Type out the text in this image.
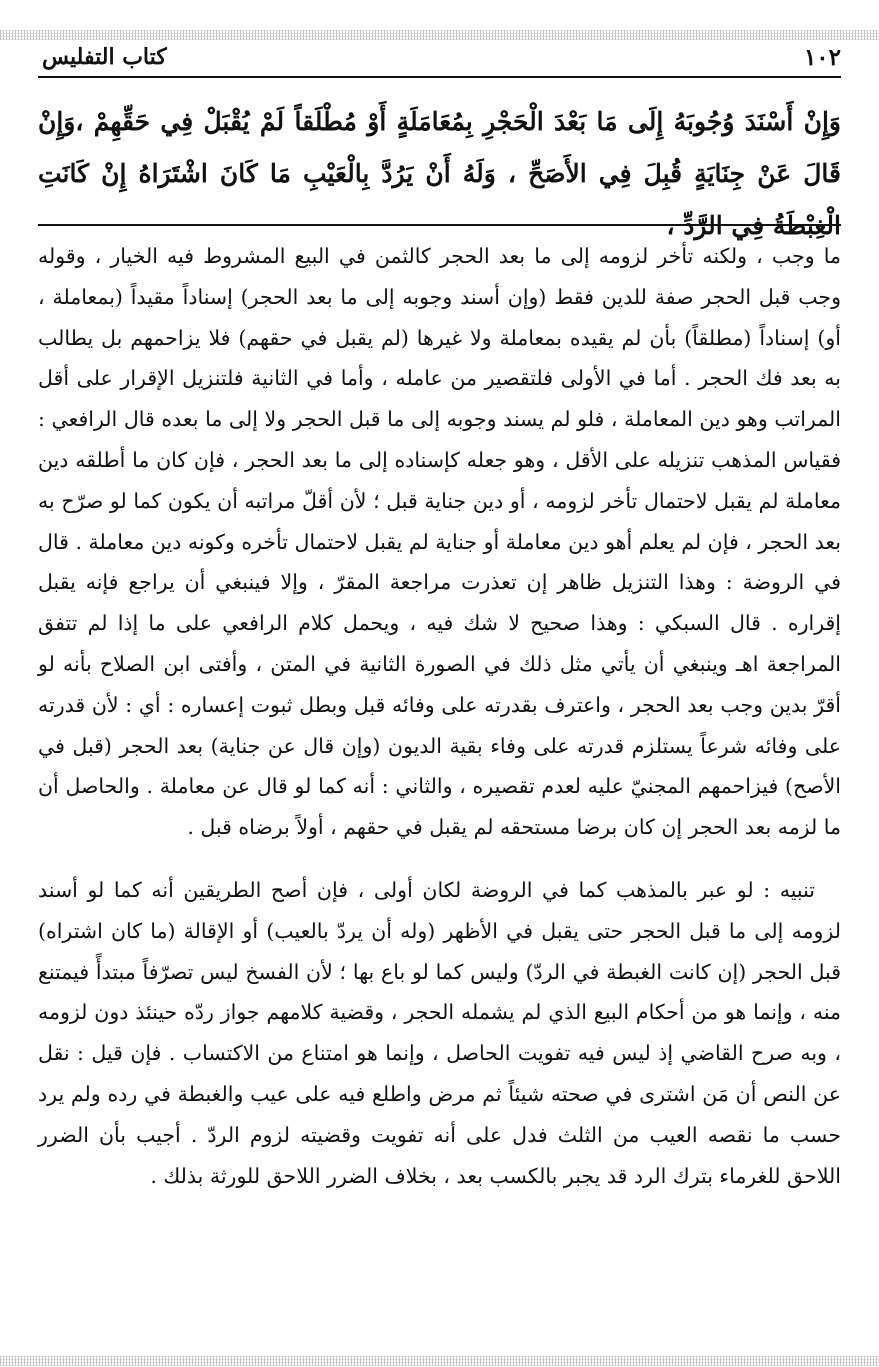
١٠٢
كتاب التفليس
وَإِنْ أَسْنَدَ وُجُوبَهُ إِلَى مَا بَعْدَ الْحَجْرِ بِمُعَامَلَةٍ أَوْ مُطْلَقاً لَمْ يُقْبَلْ فِي حَقِّهِمْ ،وَإِنْ قَالَ عَنْ جِنَايَةٍ قُبِلَ فِي الأَصَحِّ ، وَلَهُ أَنْ يَرُدَّ بِالْعَيْبِ مَا كَانَ اشْتَرَاهُ إِنْ كَانَتِ الْغِبْطَةُ فِي الرَّدِّ ،

ما وجب ، ولكنه تأخر لزومه إلى ما بعد الحجر كالثمن في البيع المشروط فيه الخيار ، وقوله وجب قبل الحجر صفة للدين فقط (وإن أسند وجوبه إلى ما بعد الحجر) إسناداً مقيداً (بمعاملة ، أو) إسناداً (مطلقاً) بأن لم يقيده بمعاملة ولا غيرها (لم يقبل في حقهم) فلا يزاحمهم بل يطالب به بعد فك الحجر . أما في الأولى فلتقصير من عامله ، وأما في الثانية فلتنزيل الإقرار على أقل المراتب وهو دين المعاملة ، فلو لم يسند وجوبه إلى ما قبل الحجر ولا إلى ما بعده قال الرافعي : فقياس المذهب تنزيله على الأقل ، وهو جعله كإسناده إلى ما بعد الحجر ، فإن كان ما أطلقه دين معاملة لم يقبل لاحتمال تأخر لزومه ، أو دين جناية قبل ؛ لأن أقلّ مراتبه أن يكون كما لو صرّح به بعد الحجر ، فإن لم يعلم أهو دين معاملة أو جناية لم يقبل لاحتمال تأخره وكونه دين معاملة . قال في الروضة : وهذا التنزيل ظاهر إن تعذرت مراجعة المقرّ ، وإلا فينبغي أن يراجع فإنه يقبل إقراره . قال السبكي : وهذا صحيح لا شك فيه ، ويحمل كلام الرافعي على ما إذا لم تتفق المراجعة اهـ وينبغي أن يأتي مثل ذلك في الصورة الثانية في المتن ، وأفتى ابن الصلاح بأنه لو أقرّ بدين وجب بعد الحجر ، واعترف بقدرته على وفائه قبل وبطل ثبوت إعساره : أي : لأن قدرته على وفائه شرعاً يستلزم قدرته على وفاء بقية الديون (وإن قال عن جناية) بعد الحجر (قبل في الأصح) فيزاحمهم المجنيّ عليه لعدم تقصيره ، والثاني : أنه كما لو قال عن معاملة . والحاصل أن ما لزمه بعد الحجر إن كان برضا مستحقه لم يقبل في حقهم ، أولاً برضاه قبل .

تنبيه : لو عبر بالمذهب كما في الروضة لكان أولى ، فإن أصح الطريقين أنه كما لو أسند لزومه إلى ما قبل الحجر حتى يقبل في الأظهر (وله أن يردّ بالعيب) أو الإقالة (ما كان اشتراه) قبل الحجر (إن كانت الغبطة في الردّ) وليس كما لو باع بها ؛ لأن الفسخ ليس تصرّفاً مبتدأً فيمتنع منه ، وإنما هو من أحكام البيع الذي لم يشمله الحجر ، وقضية كلامهم جواز ردّه حينئذ دون لزومه ، وبه صرح القاضي إذ ليس فيه تفويت الحاصل ، وإنما هو امتناع من الاكتساب . فإن قيل : نقل عن النص أن مَن اشترى في صحته شيئاً ثم مرض واطلع فيه على عيب والغبطة في رده ولم يرد حسب ما نقصه العيب من الثلث فدل على أنه تفويت وقضيته لزوم الردّ . أجيب بأن الضرر اللاحق للغرماء بترك الرد قد يجبر بالكسب بعد ، بخلاف الضرر اللاحق للورثة بذلك .
